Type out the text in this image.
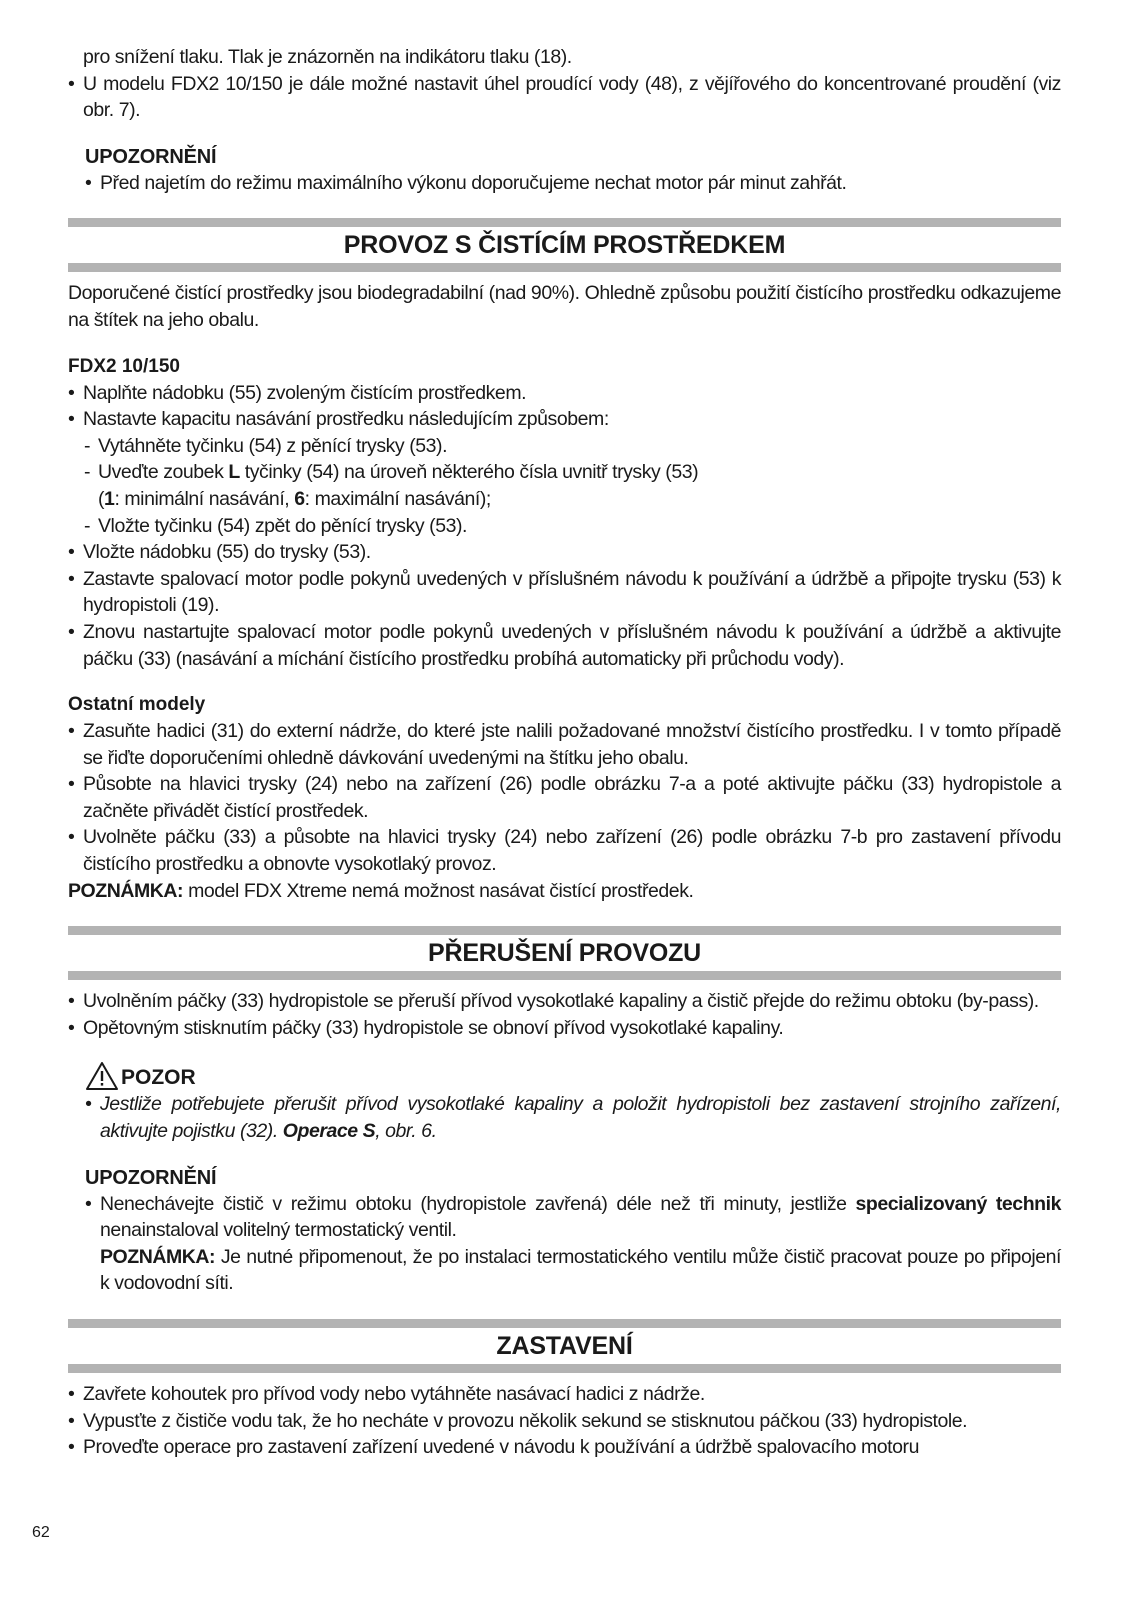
pro snížení tlaku. Tlak je znázorněn na indikátoru tlaku (18).

• U modelu FDX2 10/150 je dále možné nastavit úhel proudící vody (48), z vějířového do koncentrované proudění (viz obr. 7).
UPOZORNĚNÍ
• Před najetím do režimu maximálního výkonu doporučujeme nechat motor pár minut zahřát.
PROVOZ S ČISTÍCÍM PROSTŘEDKEM

Doporučené čistící prostředky jsou biodegradabilní (nad 90%). Ohledně způsobu použití čistícího prostředku odkazujeme na štítek na jeho obalu.

FDX2 10/150
• Naplňte nádobku (55) zvoleným čistícím prostředkem.
• Nastavte kapacitu nasávání prostředku následujícím způsobem:
- Vytáhněte tyčinku (54) z pěnící trysky (53).
- Uveďte zoubek L tyčinky (54) na úroveň některého čísla uvnitř trysky (53)
(1: minimální nasávání, 6: maximální nasávání);
- Vložte tyčinku (54) zpět do pěnící trysky (53).
• Vložte nádobku (55) do trysky (53).
• Zastavte spalovací motor podle pokynů uvedených v příslušném návodu k používání a údržbě a připojte trysku (53) k hydropistoli (19).
• Znovu nastartujte spalovací motor podle pokynů uvedených v příslušném návodu k používání a údržbě a aktivujte páčku (33) (nasávání a míchání čistícího prostředku probíhá automaticky při průchodu vody).
Ostatní modely
• Zasuňte hadici (31) do externí nádrže, do které jste nalili požadované množství čistícího prostředku. I v tomto případě se řiďte doporučeními ohledně dávkování uvedenými na štítku jeho obalu.
• Působte na hlavici trysky (24) nebo na zařízení (26) podle obrázku 7-a a poté aktivujte páčku (33) hydropistole a začněte přivádět čistící prostředek.
• Uvolněte páčku (33) a působte na hlavici trysky (24) nebo zařízení (26) podle obrázku 7-b pro zastavení přívodu čistícího prostředku a obnovte vysokotlaký provoz.

POZNÁMKA: model FDX Xtreme nemá možnost nasávat čistící prostředek.

PŘERUŠENÍ PROVOZU
• Uvolněním páčky (33) hydropistole se přeruší přívod vysokotlaké kapaliny a čistič přejde do režimu obtoku (by-pass).
• Opětovným stisknutím páčky (33) hydropistole se obnoví přívod vysokotlaké kapaliny.
POZOR
• Jestliže potřebujete přerušit přívod vysokotlaké kapaliny a položit hydropistoli bez zastavení strojního zařízení, aktivujte pojistku (32). Operace S, obr. 6.
UPOZORNĚNÍ
• Nenechávejte čistič v režimu obtoku (hydropistole zavřená) déle než tři minuty, jestliže specializovaný technik nenainstaloval volitelný termostatický ventil.
POZNÁMKA: Je nutné připomenout, že po instalaci termostatického ventilu může čistič pracovat pouze po připojení k vodovodní síti.
ZASTAVENÍ
• Zavřete kohoutek pro přívod vody nebo vytáhněte nasávací hadici z nádrže.
• Vypusťte z čističe vodu tak, že ho necháte v provozu několik sekund se stisknutou páčkou (33) hydropistole.
• Proveďte operace pro zastavení zařízení uvedené v návodu k používání a údržbě spalovacího motoru
62
